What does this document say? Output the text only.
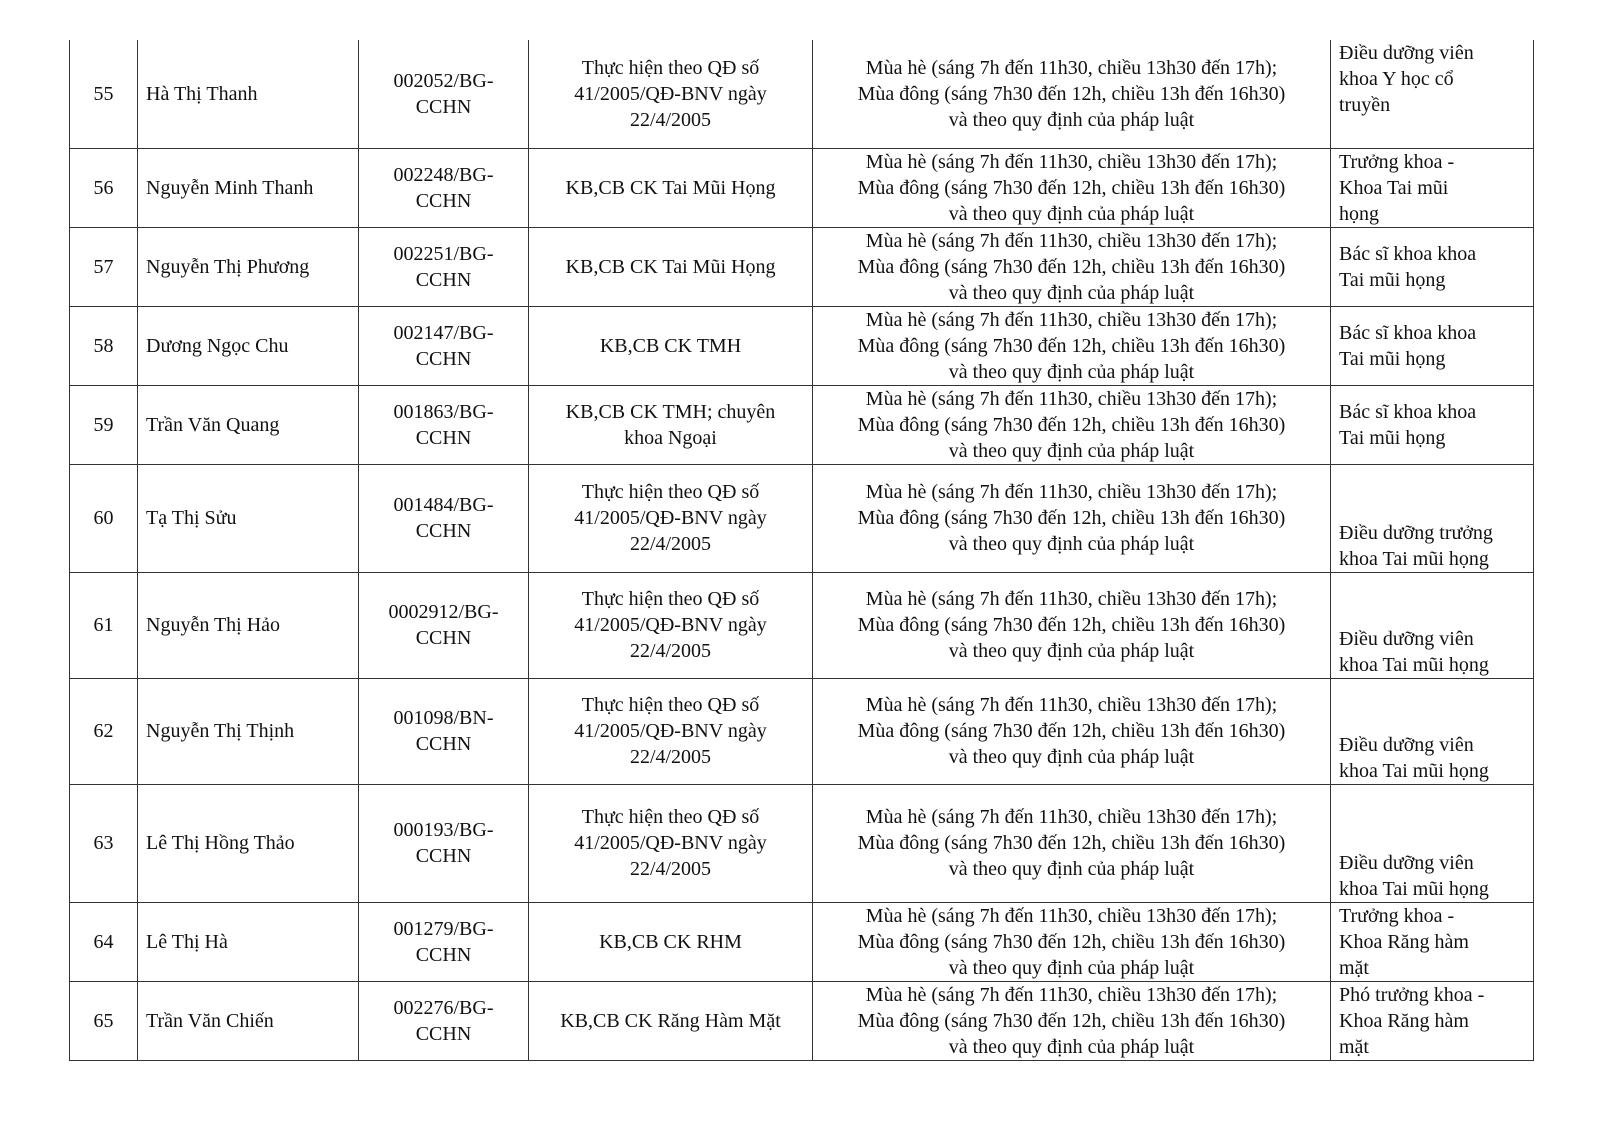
55	Hà Thị Thanh	002052/BG-
CCHN	Thực hiện theo QĐ số
41/2005/QĐ-BNV ngày
22/4/2005	Mùa hè (sáng 7h đến 11h30, chiều 13h30 đến 17h);
Mùa đông (sáng 7h30 đến 12h, chiều 13h đến 16h30)
và theo quy định của pháp luật	Điều dưỡng viên
khoa Y học cổ
truyền

56	Nguyễn Minh Thanh	002248/BG-
CCHN	KB,CB CK Tai Mũi Họng	Mùa hè (sáng 7h đến 11h30, chiều 13h30 đến 17h);
Mùa đông (sáng 7h30 đến 12h, chiều 13h đến 16h30)
và theo quy định của pháp luật	Trưởng khoa -
Khoa Tai mũi
họng

57	Nguyễn Thị Phương	002251/BG-
CCHN	KB,CB CK Tai Mũi Họng	Mùa hè (sáng 7h đến 11h30, chiều 13h30 đến 17h);
Mùa đông (sáng 7h30 đến 12h, chiều 13h đến 16h30)
và theo quy định của pháp luật	Bác sĩ khoa khoa
Tai mũi họng

58	Dương Ngọc Chu	002147/BG-
CCHN	KB,CB CK TMH	Mùa hè (sáng 7h đến 11h30, chiều 13h30 đến 17h);
Mùa đông (sáng 7h30 đến 12h, chiều 13h đến 16h30)
và theo quy định của pháp luật	Bác sĩ khoa khoa
Tai mũi họng

59	Trần Văn Quang	001863/BG-
CCHN	KB,CB CK TMH; chuyên
khoa Ngoại	Mùa hè (sáng 7h đến 11h30, chiều 13h30 đến 17h);
Mùa đông (sáng 7h30 đến 12h, chiều 13h đến 16h30)
và theo quy định của pháp luật	Bác sĩ khoa khoa
Tai mũi họng

60	Tạ Thị Sửu	001484/BG-
CCHN	Thực hiện theo QĐ số
41/2005/QĐ-BNV ngày
22/4/2005	Mùa hè (sáng 7h đến 11h30, chiều 13h30 đến 17h);
Mùa đông (sáng 7h30 đến 12h, chiều 13h đến 16h30)
và theo quy định của pháp luật	Điều dưỡng trưởng
khoa Tai mũi họng

61	Nguyễn Thị Hảo	0002912/BG-
CCHN	Thực hiện theo QĐ số
41/2005/QĐ-BNV ngày
22/4/2005	Mùa hè (sáng 7h đến 11h30, chiều 13h30 đến 17h);
Mùa đông (sáng 7h30 đến 12h, chiều 13h đến 16h30)
và theo quy định của pháp luật	Điều dưỡng viên
khoa Tai mũi họng

62	Nguyễn Thị Thịnh	001098/BN-
CCHN	Thực hiện theo QĐ số
41/2005/QĐ-BNV ngày
22/4/2005	Mùa hè (sáng 7h đến 11h30, chiều 13h30 đến 17h);
Mùa đông (sáng 7h30 đến 12h, chiều 13h đến 16h30)
và theo quy định của pháp luật	Điều dưỡng viên
khoa Tai mũi họng

63	Lê Thị Hồng Thảo	000193/BG-
CCHN	Thực hiện theo QĐ số
41/2005/QĐ-BNV ngày
22/4/2005	Mùa hè (sáng 7h đến 11h30, chiều 13h30 đến 17h);
Mùa đông (sáng 7h30 đến 12h, chiều 13h đến 16h30)
và theo quy định của pháp luật	Điều dưỡng viên
khoa Tai mũi họng

64	Lê Thị Hà	001279/BG-
CCHN	KB,CB CK RHM	Mùa hè (sáng 7h đến 11h30, chiều 13h30 đến 17h);
Mùa đông (sáng 7h30 đến 12h, chiều 13h đến 16h30)
và theo quy định của pháp luật	Trưởng khoa -
Khoa Răng hàm
mặt

65	Trần Văn Chiến	002276/BG-
CCHN	KB,CB CK Răng Hàm Mặt	Mùa hè (sáng 7h đến 11h30, chiều 13h30 đến 17h);
Mùa đông (sáng 7h30 đến 12h, chiều 13h đến 16h30)
và theo quy định của pháp luật	Phó trưởng khoa -
Khoa Răng hàm
mặt
